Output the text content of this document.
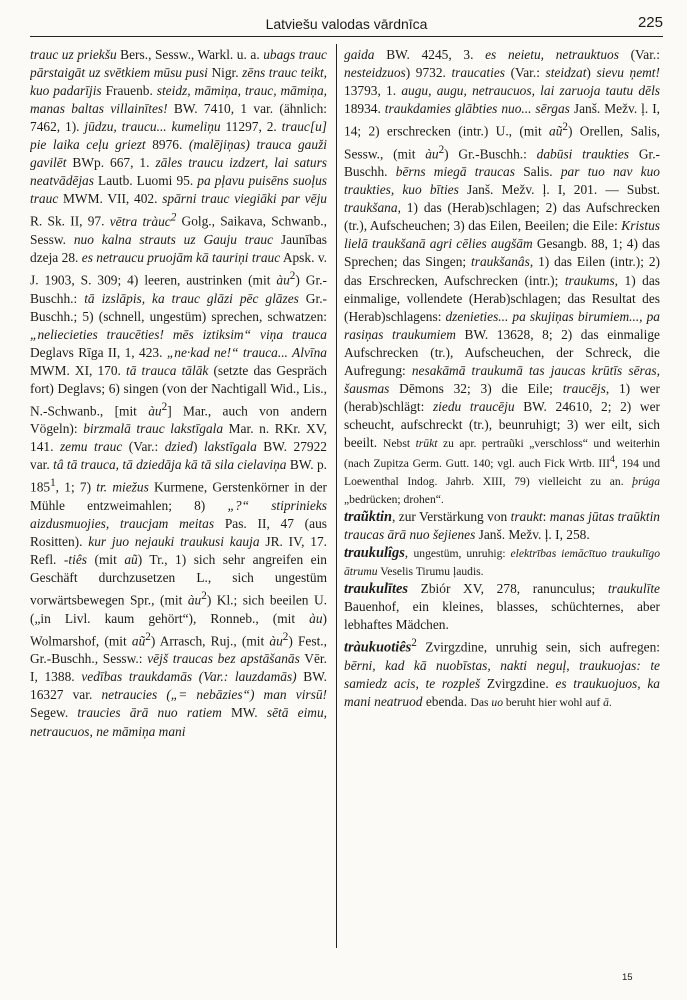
Latviešu valodas vārdnīca	225

trauc uz priekšu Bers., Sessw., Warkl. u. a. ubags trauc pārstaigāt uz svētkiem mūsu pusi Nigr. zēns trauc teikt, kuo padarījis Frauenb. steidz, māmiņa, trauc, māmiņa, manas baltas villainītes! BW. 7410, 1 var. (ähnlich: 7462, 1). jūdzu, traucu... kumeliņu 11297, 2. trauc[u] pie laika ceļu griezt 8976. (malējiņas) trauca gauži gavilēt BWp. 667, 1. zāles traucu izdzert, lai saturs neatvādējas Lautb. Luomi 95. pa pļavu puisēns suoļus trauc MWM. VII, 402. spārni trauc viegiāki par vēju R. Sk. II, 97. vētra tràuc$^2$ Golg., Saikava, Schwanb., Sessw. nuo kalna strauts uz Gauju trauc Jaunības dzeja 28. es netraucu pruojām kā tauriņi trauc Apsk. v. J. 1903, S. 309; 4) leeren, austrinken (mit $àu^2$) Gr.-Buschh.: tā izslāpis, ka trauc glāzi pēc glāzes Gr.-Buschh.; 5) (schnell, ungestüm) sprechen, schwatzen: „neliecieties traucēties! mēs iztiksim“ viņa trauca Deglavs Rīga II, 1, 423. „ne·kad ne!“ trauca... Alvīna MWM. XI, 170. tā trauca tālāk (setzte das Gespräch fort) Deglavs; 6) singen (von der Nachtigall Wid., Lis., N.-Schwanb., [mit $àu^2$] Mar., auch von andern Vögeln): birzmalā trauc lakstīgala Mar. n. RKr. XV, 141. zemu trauc (Var.: dzied) lakstīgala BW. 27922 var. tâ tā trauca, tā dziedāja kā tā sila cielaviņa BW. p. $185^1$, 1; 7) tr. miežus Kurmene, Gerstenkörner in der Mühle entzweimahlen; 8) „?“ stiprinieks aizdusmuojies, traucjam meitas Pas. II, 47 (aus Rositten). kur juo nejauki traukusi kauja JR. IV, 17. Refl. -tiês (mit aũ) Tr., 1) sich sehr angreifen ein Geschäft durchzusetzen L., sich ungestüm vorwärtsbewegen Spr., (mit $àu^2$) Kl.; sich beeilen U. („in Livl. kaum gehört“), Ronneb., (mit àu) Wolmarshof, (mit $aũ^2$) Arrasch, Ruj., (mit $àu^2$) Fest., Gr.-Buschh., Sessw.: vējš traucas bez apstāšanās Vēr. I, 1388. vedības traukdamās (Var.: lauzdamās) BW. 16327 var. netraucies („= nebāzies“) man virsū! Segew. traucies ārā nuo ratiem MW. sētā eimu, netraucuos, ne māmiņa mani

gaida BW. 4245, 3. es neietu, netrauktuos (Var.: nesteidzuos) 9732. traucaties (Var.: steidzat) sievu ņemt! 13793, 1. augu, augu, netraucuos, lai zaruoja tautu dēls 18934. traukdamies glābties nuo... sērgas Janš. Mežv. ļ. I, 14; 2) erschrecken (intr.) U., (mit $aũ^2$) Orellen, Salis, Sessw., (mit $àu^2$) Gr.-Buschh.: dabūsi traukties Gr.-Buschh. bērns miegā traucas Salis. par tuo nav kuo traukties, kuo bīties Janš. Mežv. ļ. I, 201. — Subst. traukšana, 1) das (Herab)schlagen; 2) das Aufschrecken (tr.), Aufscheuchen; 3) das Eilen, Beeilen; die Eile: Kristus lielā traukšanā agri cēlies augšām Gesangb. 88, 1; 4) das Sprechen; das Singen; traukšanâs, 1) das Eilen (intr.); 2) das Erschrecken, Aufschrecken (intr.); traukums, 1) das einmalige, vollendete (Herab)schlagen; das Resultat des (Herab)schlagens: dzenieties... pa skujiņas birumiem..., pa rasiņas traukumiem BW. 13628, 8; 2) das einmalige Aufschrecken (tr.), Aufscheuchen, der Schreck, die Aufregung: nesakāmā traukumā tas jaucas krūtīs sēras, šausmas Dēmons 32; 3) die Eile; traucējs, 1) wer (herab)schlägt: ziedu traucēju BW. 24610, 2; 2) wer scheucht, aufschreckt (tr.), beunruhigt; 3) wer eilt, sich beeilt. Nebst trūkt zu apr. pertraũki „verschloss“ und weiterhin (nach Zupitza Germ. Gutt. 140; vgl. auch Fick Wrtb. III$^4$, 194 und Loewenthal Indog. Jahrb. XIII, 79) vielleicht zu an. þrúga „bedrücken; drohen“.

traũktin, zur Verstärkung von traukt: manas jūtas traūktin traucas ārā nuo šejienes Janš. Mežv. ļ. I, 258.

traukulîgs, ungestüm, unruhig: elektrības iemācītuo traukulīgo ātrumu Veselis Tirumu ļaudis.

traukulītes Zbiór XV, 278, ranunculus; traukulīte Bauenhof, ein kleines, blasses, schüchternes, aber lebhaftes Mädchen.

tràukuotiês$^2$ Zvirgzdine, unruhig sein, sich aufregen: bērni, kad kā nuobīstas, nakti neguļ, traukuojas: te samiedz acis, te rozpleš Zvirgzdine. es traukuojuos, ka mani neatruod ebenda. Das uo beruht hier wohl auf ā.

15
